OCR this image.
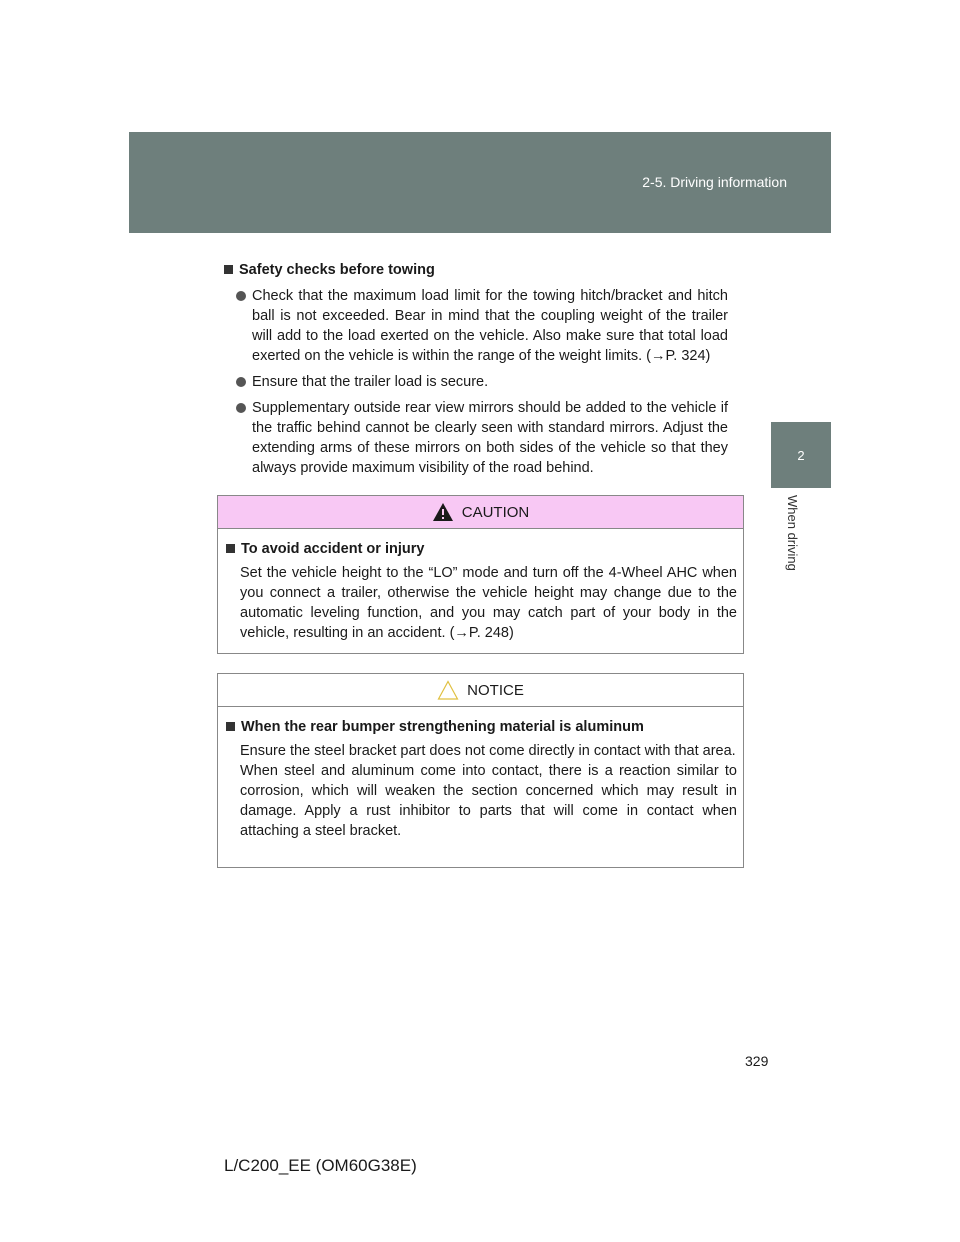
2-5. Driving information
2
When driving
Safety checks before towing
Check that the maximum load limit for the towing hitch/bracket and hitch ball is not exceeded. Bear in mind that the coupling weight of the trailer will add to the load exerted on the vehicle. Also make sure that total load exerted on the vehicle is within the range of the weight limits. (→P. 324)
Ensure that the trailer load is secure.
Supplementary outside rear view mirrors should be added to the vehicle if the traffic behind cannot be clearly seen with standard mirrors. Adjust the extending arms of these mirrors on both sides of the vehicle so that they always provide maximum visibility of the road behind.
CAUTION
To avoid accident or injury
Set the vehicle height to the “LO” mode and turn off the 4-Wheel AHC when you connect a trailer, otherwise the vehicle height may change due to the automatic leveling function, and you may catch part of your body in the vehicle, resulting in an accident. (→P. 248)
NOTICE
When the rear bumper strengthening material is aluminum
Ensure the steel bracket part does not come directly in contact with that area.
When steel and aluminum come into contact, there is a reaction similar to corrosion, which will weaken the section concerned which may result in damage. Apply a rust inhibitor to parts that will come in contact when attaching a steel bracket.
329
L/C200_EE (OM60G38E)
